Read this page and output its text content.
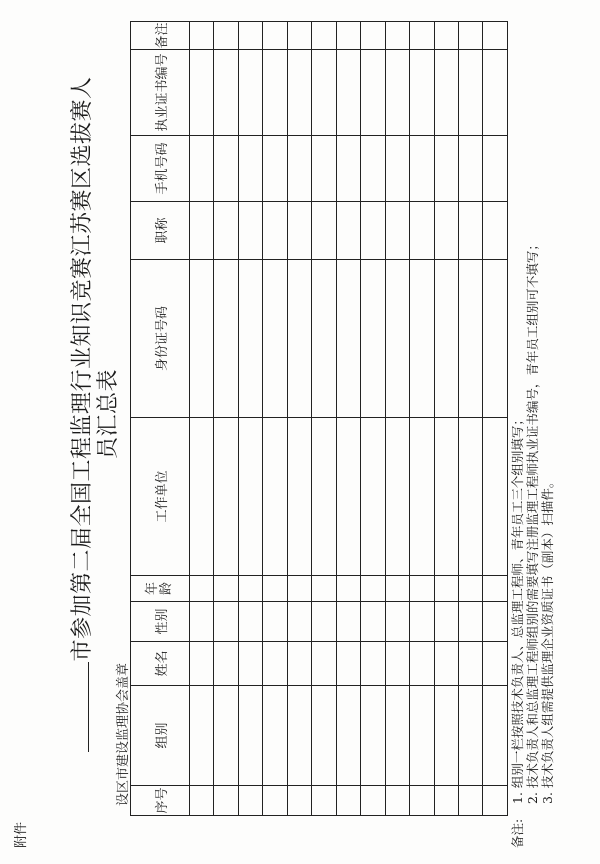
附件
市参加第二届全国工程监理行业知识竞赛江苏赛区选拔赛人
员汇总表
设区市建设监理协会盖章 序号	组别	姓名	性别	年
龄	工作单位	身份证号码	职称	手机号码	执业证书编号	备注

备注:1. 组别一栏按照技术负责人、总监理工程师、青年员工三个组别填写；
2. 技术负责人和总监理工程师组别的需要填写注册监理工程师执业证书编号，青年员工组别可不填写；
3. 技术负责人组需提供监理企业资质证书（副本）扫描件。
